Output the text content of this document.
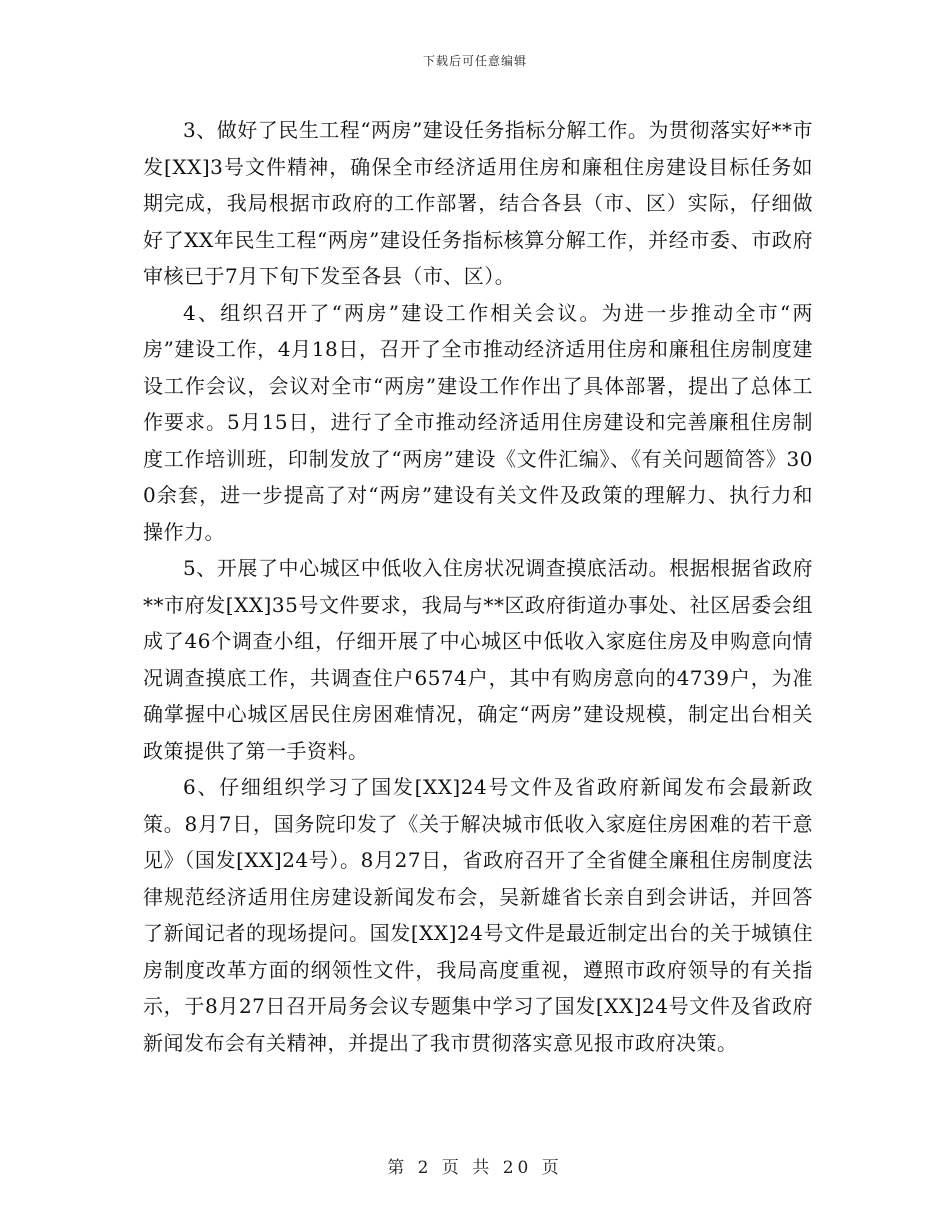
下载后可任意编辑

3、做好了民生工程“两房”建设任务指标分解工作。为贯彻落实好**市发[XX]3号文件精神，确保全市经济适用住房和廉租住房建设目标任务如期完成，我局根据市政府的工作部署，结合各县（市、区）实际，仔细做好了XX年民生工程“两房”建设任务指标核算分解工作，并经市委、市政府审核已于7月下旬下发至各县（市、区）。

4、组织召开了“两房”建设工作相关会议。为进一步推动全市“两房”建设工作，4月18日，召开了全市推动经济适用住房和廉租住房制度建设工作会议，会议对全市“两房”建设工作作出了具体部署，提出了总体工作要求。5月15日，进行了全市推动经济适用住房建设和完善廉租住房制度工作培训班，印制发放了“两房”建设《文件汇编》、《有关问题简答》300余套，进一步提高了对“两房”建设有关文件及政策的理解力、执行力和操作力。

5、开展了中心城区中低收入住房状况调查摸底活动。根据根据省政府**市府发[XX]35号文件要求，我局与**区政府街道办事处、社区居委会组成了46个调查小组，仔细开展了中心城区中低收入家庭住房及申购意向情况调查摸底工作，共调查住户6574户，其中有购房意向的4739户，为准确掌握中心城区居民住房困难情况，确定“两房”建设规模，制定出台相关政策提供了第一手资料。

6、仔细组织学习了国发[XX]24号文件及省政府新闻发布会最新政策。8月7日，国务院印发了《关于解决城市低收入家庭住房困难的若干意见》（国发[XX]24号）。8月27日，省政府召开了全省健全廉租住房制度法律规范经济适用住房建设新闻发布会，吴新雄省长亲自到会讲话，并回答了新闻记者的现场提问。国发[XX]24号文件是最近制定出台的关于城镇住房制度改革方面的纲领性文件，我局高度重视，遵照市政府领导的有关指示，于8月27日召开局务会议专题集中学习了国发[XX]24号文件及省政府新闻发布会有关精神，并提出了我市贯彻落实意见报市政府决策。

第 2 页 共 20 页
